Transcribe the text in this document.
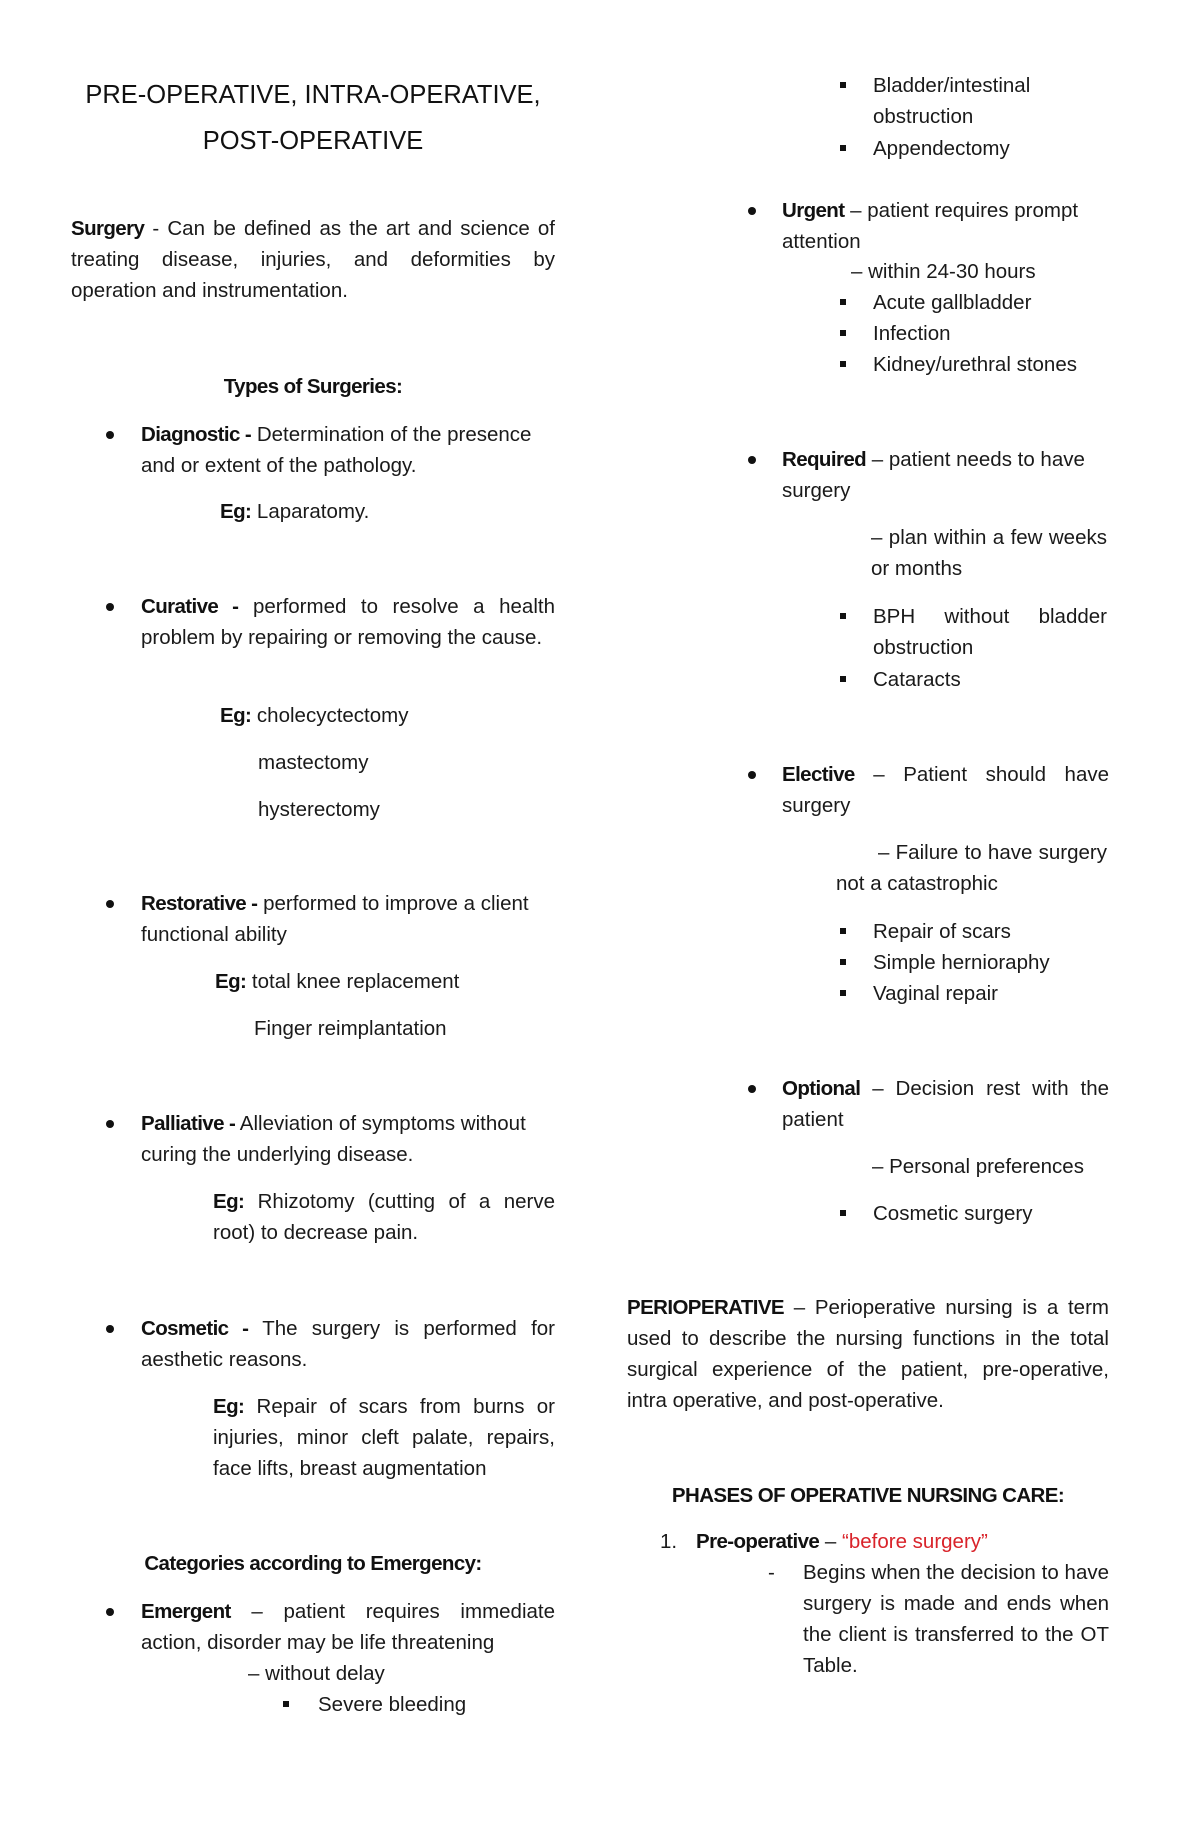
PRE-OPERATIVE, INTRA-OPERATIVE,
POST-OPERATIVE
Surgery - Can be defined as the art and science of treating disease, injuries, and deformities by operation and instrumentation.
Types of Surgeries:
Diagnostic - Determination of the presence and or extent of the pathology.
Eg: Laparatomy.
Curative - performed to resolve a health problem by repairing or removing the cause.
Eg: cholecyctectomy
mastectomy
hysterectomy
Restorative - performed to improve a client functional ability
Eg: total knee replacement
Finger reimplantation
Palliative - Alleviation of symptoms without curing the underlying disease.
Eg: Rhizotomy (cutting of a nerve root) to decrease pain.
Cosmetic - The surgery is performed for aesthetic reasons.
Eg: Repair of scars from burns or injuries, minor cleft palate, repairs, face lifts, breast augmentation
Categories according to Emergency:
Emergent – patient requires immediate action, disorder may be life threatening
– without delay
Severe bleeding
Bladder/intestinal obstruction
Appendectomy
Urgent – patient requires prompt attention
– within 24-30 hours
Acute gallbladder
Infection
Kidney/urethral stones
Required – patient needs to have surgery
– plan within a few weeks or months
BPH without bladder obstruction
Cataracts
Elective – Patient should have surgery
– Failure to have surgery not a catastrophic
Repair of scars
Simple hernioraphy
Vaginal repair
Optional – Decision rest with the patient
– Personal preferences
Cosmetic surgery
PERIOPERATIVE – Perioperative nursing is a term used to describe the nursing functions in the total surgical experience of the patient, pre-operative, intra operative, and post-operative.
PHASES OF OPERATIVE NURSING CARE:
1. Pre-operative – “before surgery”
- Begins when the decision to have surgery is made and ends when the client is transferred to the OT Table.
